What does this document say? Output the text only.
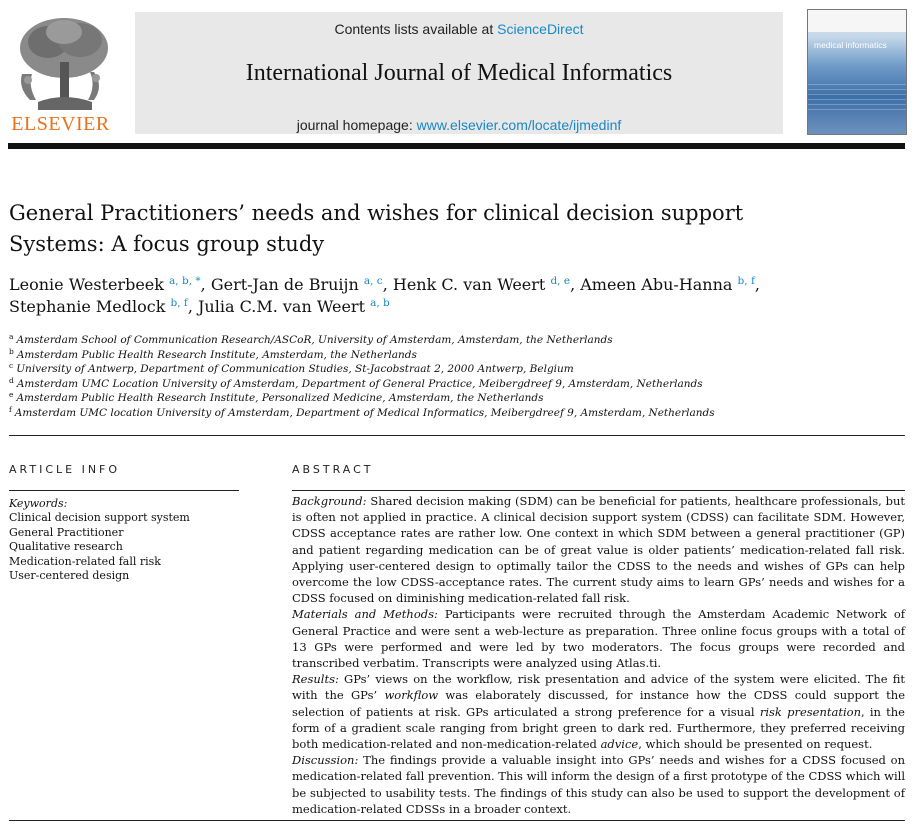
ELSEVIER
Contents lists available at ScienceDirect
International Journal of Medical Informatics
journal homepage: www.elsevier.com/locate/ijmedinf
medical informatics
General Practitioners’ needs and wishes for clinical decision support
Systems: A focus group study
Leonie Westerbeek $^{a, b, *}$, Gert-Jan de Bruijn $^{a, c}$, Henk C. van Weert $^{d, e}$, Ameen Abu-Hanna $^{b, f}$,
Stephanie Medlock $^{b, f}$, Julia C.M. van Weert $^{a, b}$
$^a$ Amsterdam School of Communication Research/ASCoR, University of Amsterdam, Amsterdam, the Netherlands
$^b$ Amsterdam Public Health Research Institute, Amsterdam, the Netherlands
$^c$ University of Antwerp, Department of Communication Studies, St-Jacobstraat 2, 2000 Antwerp, Belgium
$^d$ Amsterdam UMC Location University of Amsterdam, Department of General Practice, Meibergdreef 9, Amsterdam, Netherlands
$^e$ Amsterdam Public Health Research Institute, Personalized Medicine, Amsterdam, the Netherlands
$^f$ Amsterdam UMC location University of Amsterdam, Department of Medical Informatics, Meibergdreef 9, Amsterdam, Netherlands
ARTICLE INFO
Keywords:
Clinical decision support system
General Practitioner
Qualitative research
Medication-related fall risk
User-centered design
ABSTRACT

Background: Shared decision making (SDM) can be beneficial for patients, healthcare professionals, but is often not applied in practice. A clinical decision support system (CDSS) can facilitate SDM. However, CDSS acceptance rates are rather low. One context in which SDM between a general practitioner (GP) and patient regarding medication can be of great value is older patients’ medication-related fall risk. Applying user-centered design to optimally tailor the CDSS to the needs and wishes of GPs can help overcome the low CDSS-acceptance rates. The current study aims to learn GPs’ needs and wishes for a CDSS focused on diminishing medication-related fall risk.

Materials and Methods: Participants were recruited through the Amsterdam Academic Network of General Practice and were sent a web-lecture as preparation. Three online focus groups with a total of 13 GPs were performed and were led by two moderators. The focus groups were recorded and transcribed verbatim. Transcripts were analyzed using Atlas.ti.

Results: GPs’ views on the workflow, risk presentation and advice of the system were elicited. The fit with the GPs’ workflow was elaborately discussed, for instance how the CDSS could support the selection of patients at risk. GPs articulated a strong preference for a visual risk presentation, in the form of a gradient scale ranging from bright green to dark red. Furthermore, they preferred receiving both medication-related and non-medication-related advice, which should be presented on request.

Discussion: The findings provide a valuable insight into GPs’ needs and wishes for a CDSS focused on medication-related fall prevention. This will inform the design of a first prototype of the CDSS which will be subjected to usability tests. The findings of this study can also be used to support the development of medication-related CDSSs in a broader context.
